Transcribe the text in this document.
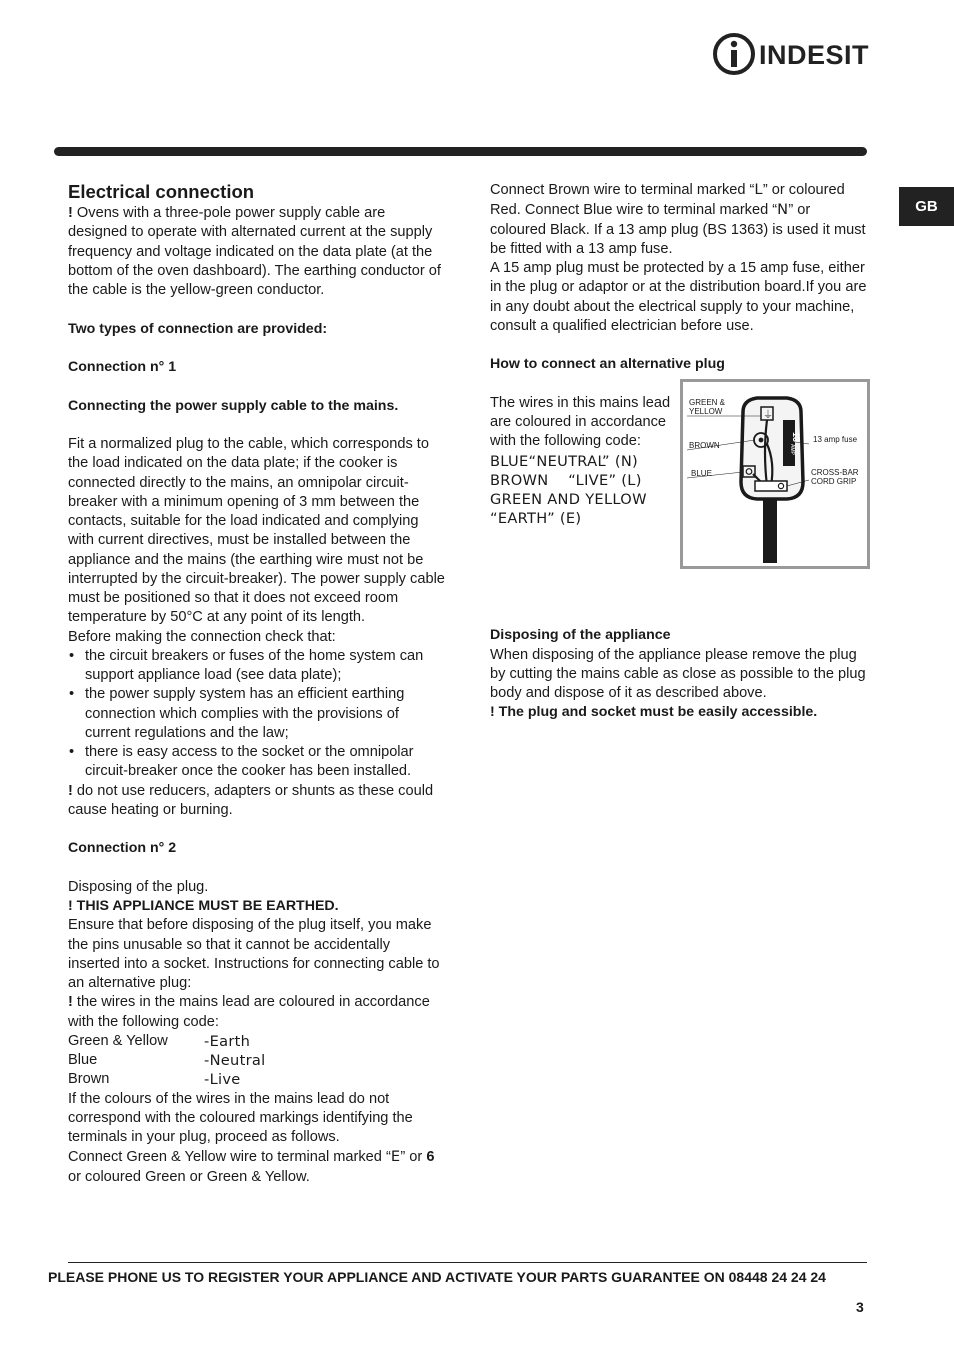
INDESIT
GB

Electrical connection

! Ovens with a three-pole power supply cable are designed to operate with alternated current at the supply frequency and voltage indicated on the data plate (at the bottom of the oven dashboard). The earthing conductor of the cable is the yellow-green conductor.

Two types of connection are provided:

Connection n° 1

Connecting the power supply cable to the mains.

Fit a normalized plug to the cable, which corresponds to the load indicated on the data plate; if the cooker is connected directly to the mains, an omnipolar circuit-breaker with a minimum opening of 3 mm between the contacts, suitable for the load indicated and complying with current directives, must be installed between the appliance and the mains (the earthing wire must not be interrupted by the circuit-breaker). The power supply cable must be positioned so that it does not exceed room temperature by 50°C at any point of its length.

Before making the connection check that:

• the circuit breakers or fuses of the home system can support appliance load (see data plate);

• the power supply system has an efficient earthing connection which complies with the provisions of current regulations and the law;

• there is easy access to the socket or the omnipolar circuit-breaker once the cooker has been installed.

! do not use reducers, adapters or shunts as these could cause heating or burning.

Connection n° 2

Disposing of the plug.

! THIS APPLIANCE MUST BE EARTHED.

Ensure that before disposing of the plug itself, you make the pins unusable so that it cannot be accidentally inserted into a socket. Instructions for connecting cable to an alternative plug:

! the wires in the mains lead are coloured in accordance with the following code:

Green & Yellow	-Earth
Blue	-Neutral
Brown	-Live

If the colours of the wires in the mains lead do not correspond with the coloured markings identifying the terminals in your plug, proceed as follows.

Connect Green & Yellow wire to terminal marked “E” or 6 or coloured Green or Green & Yellow.

Connect Brown wire to terminal marked “L” or coloured Red. Connect Blue wire to terminal marked “N” or coloured Black. If a 13 amp plug (BS 1363) is used it must be fitted with a 13 amp fuse.

A 15 amp plug must be protected by a 15 amp fuse, either in the plug or adaptor or at the distribution board.If you are in any doubt about the electrical supply to your machine, consult a qualified electrician before use.

How to connect an alternative plug

The wires in this mains lead are coloured in accordance with the following code:

BLUE“NEUTRAL” (N)

BROWN    “LIVE” (L)

GREEN AND YELLOW

“EARTH” (E)

⏚
13
AMP
GREEN &
YELLOW
BROWN
BLUE
13 amp fuse
CROSS-BAR
CORD GRIP

Disposing of the appliance

When disposing of the appliance please remove the plug by cutting the mains cable as close as possible to the plug body and dispose of it as described above.

! The plug and socket must be easily accessible.

PLEASE PHONE US TO REGISTER YOUR APPLIANCE AND ACTIVATE YOUR PARTS GUARANTEE ON 08448 24 24 24
3
